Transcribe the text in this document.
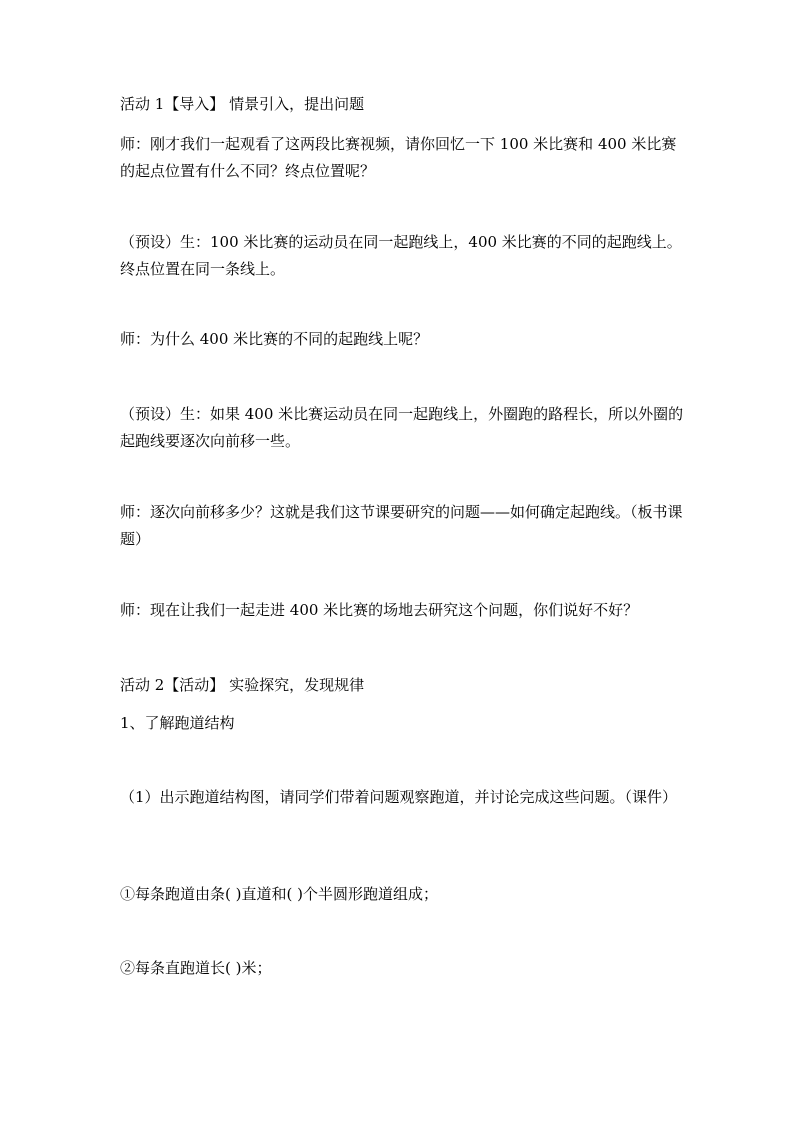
活动 1【导入】 情景引入，提出问题
师：刚才我们一起观看了这两段比赛视频，请你回忆一下 100 米比赛和 400 米比赛的起点位置有什么不同？终点位置呢？
（预设）生：100 米比赛的运动员在同一起跑线上，400 米比赛的不同的起跑线上。终点位置在同一条线上。
师：为什么 400 米比赛的不同的起跑线上呢？
（预设）生：如果 400 米比赛运动员在同一起跑线上，外圈跑的路程长，所以外圈的起跑线要逐次向前移一些。
师：逐次向前移多少？这就是我们这节课要研究的问题——如何确定起跑线。（板书课题）
师：现在让我们一起走进 400 米比赛的场地去研究这个问题，你们说好不好？
活动 2【活动】 实验探究，发现规律
1、了解跑道结构
（1）出示跑道结构图，请同学们带着问题观察跑道，并讨论完成这些问题。（课件）
①每条跑道由条( )直道和( )个半圆形跑道组成；
②每条直跑道长( )米；
